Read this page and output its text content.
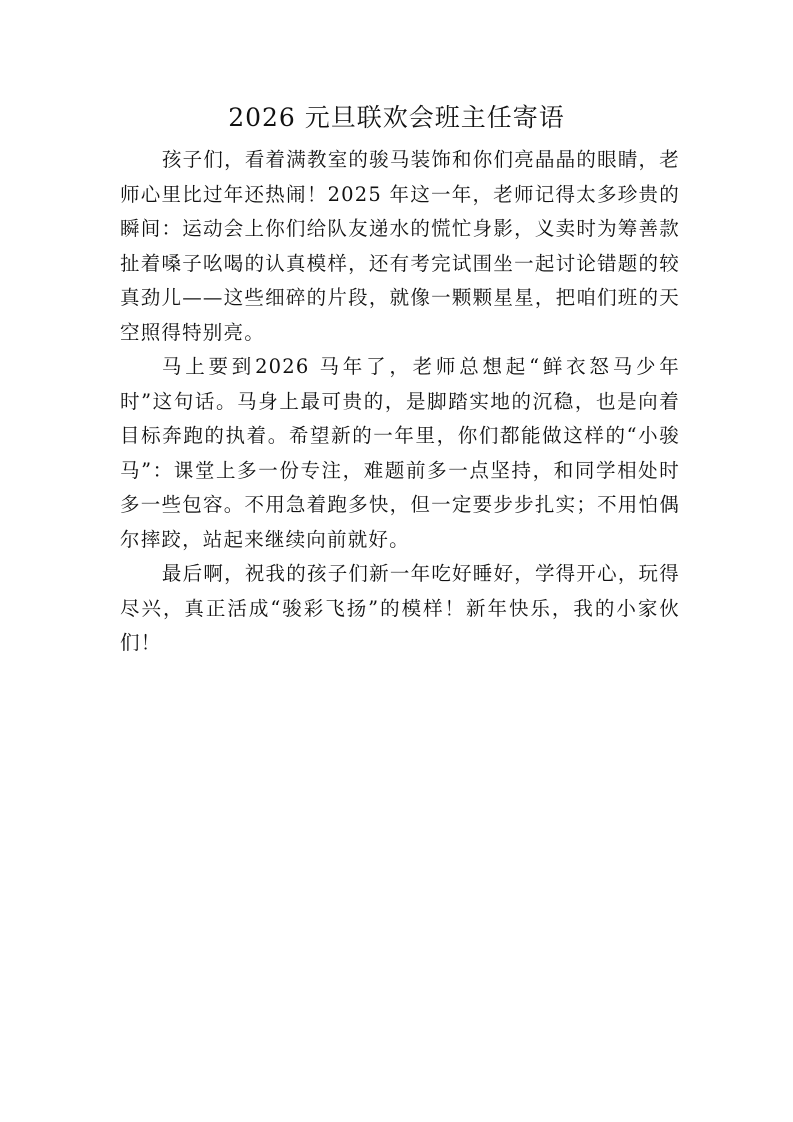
2026 元旦联欢会班主任寄语

孩子们，看着满教室的骏马装饰和你们亮晶晶的眼睛，老师心里比过年还热闹！2025 年这一年，老师记得太多珍贵的瞬间：运动会上你们给队友递水的慌忙身影，义卖时为筹善款扯着嗓子吆喝的认真模样，还有考完试围坐一起讨论错题的较真劲儿——这些细碎的片段，就像一颗颗星星，把咱们班的天空照得特别亮。

马上要到2026 马年了，老师总想起“鲜衣怒马少年时”这句话。马身上最可贵的，是脚踏实地的沉稳，也是向着目标奔跑的执着。希望新的一年里，你们都能做这样的“小骏马”：课堂上多一份专注，难题前多一点坚持，和同学相处时多一些包容。不用急着跑多快，但一定要步步扎实；不用怕偶尔摔跤，站起来继续向前就好。

最后啊，祝我的孩子们新一年吃好睡好，学得开心，玩得尽兴，真正活成“骏彩飞扬”的模样！新年快乐，我的小家伙们！
